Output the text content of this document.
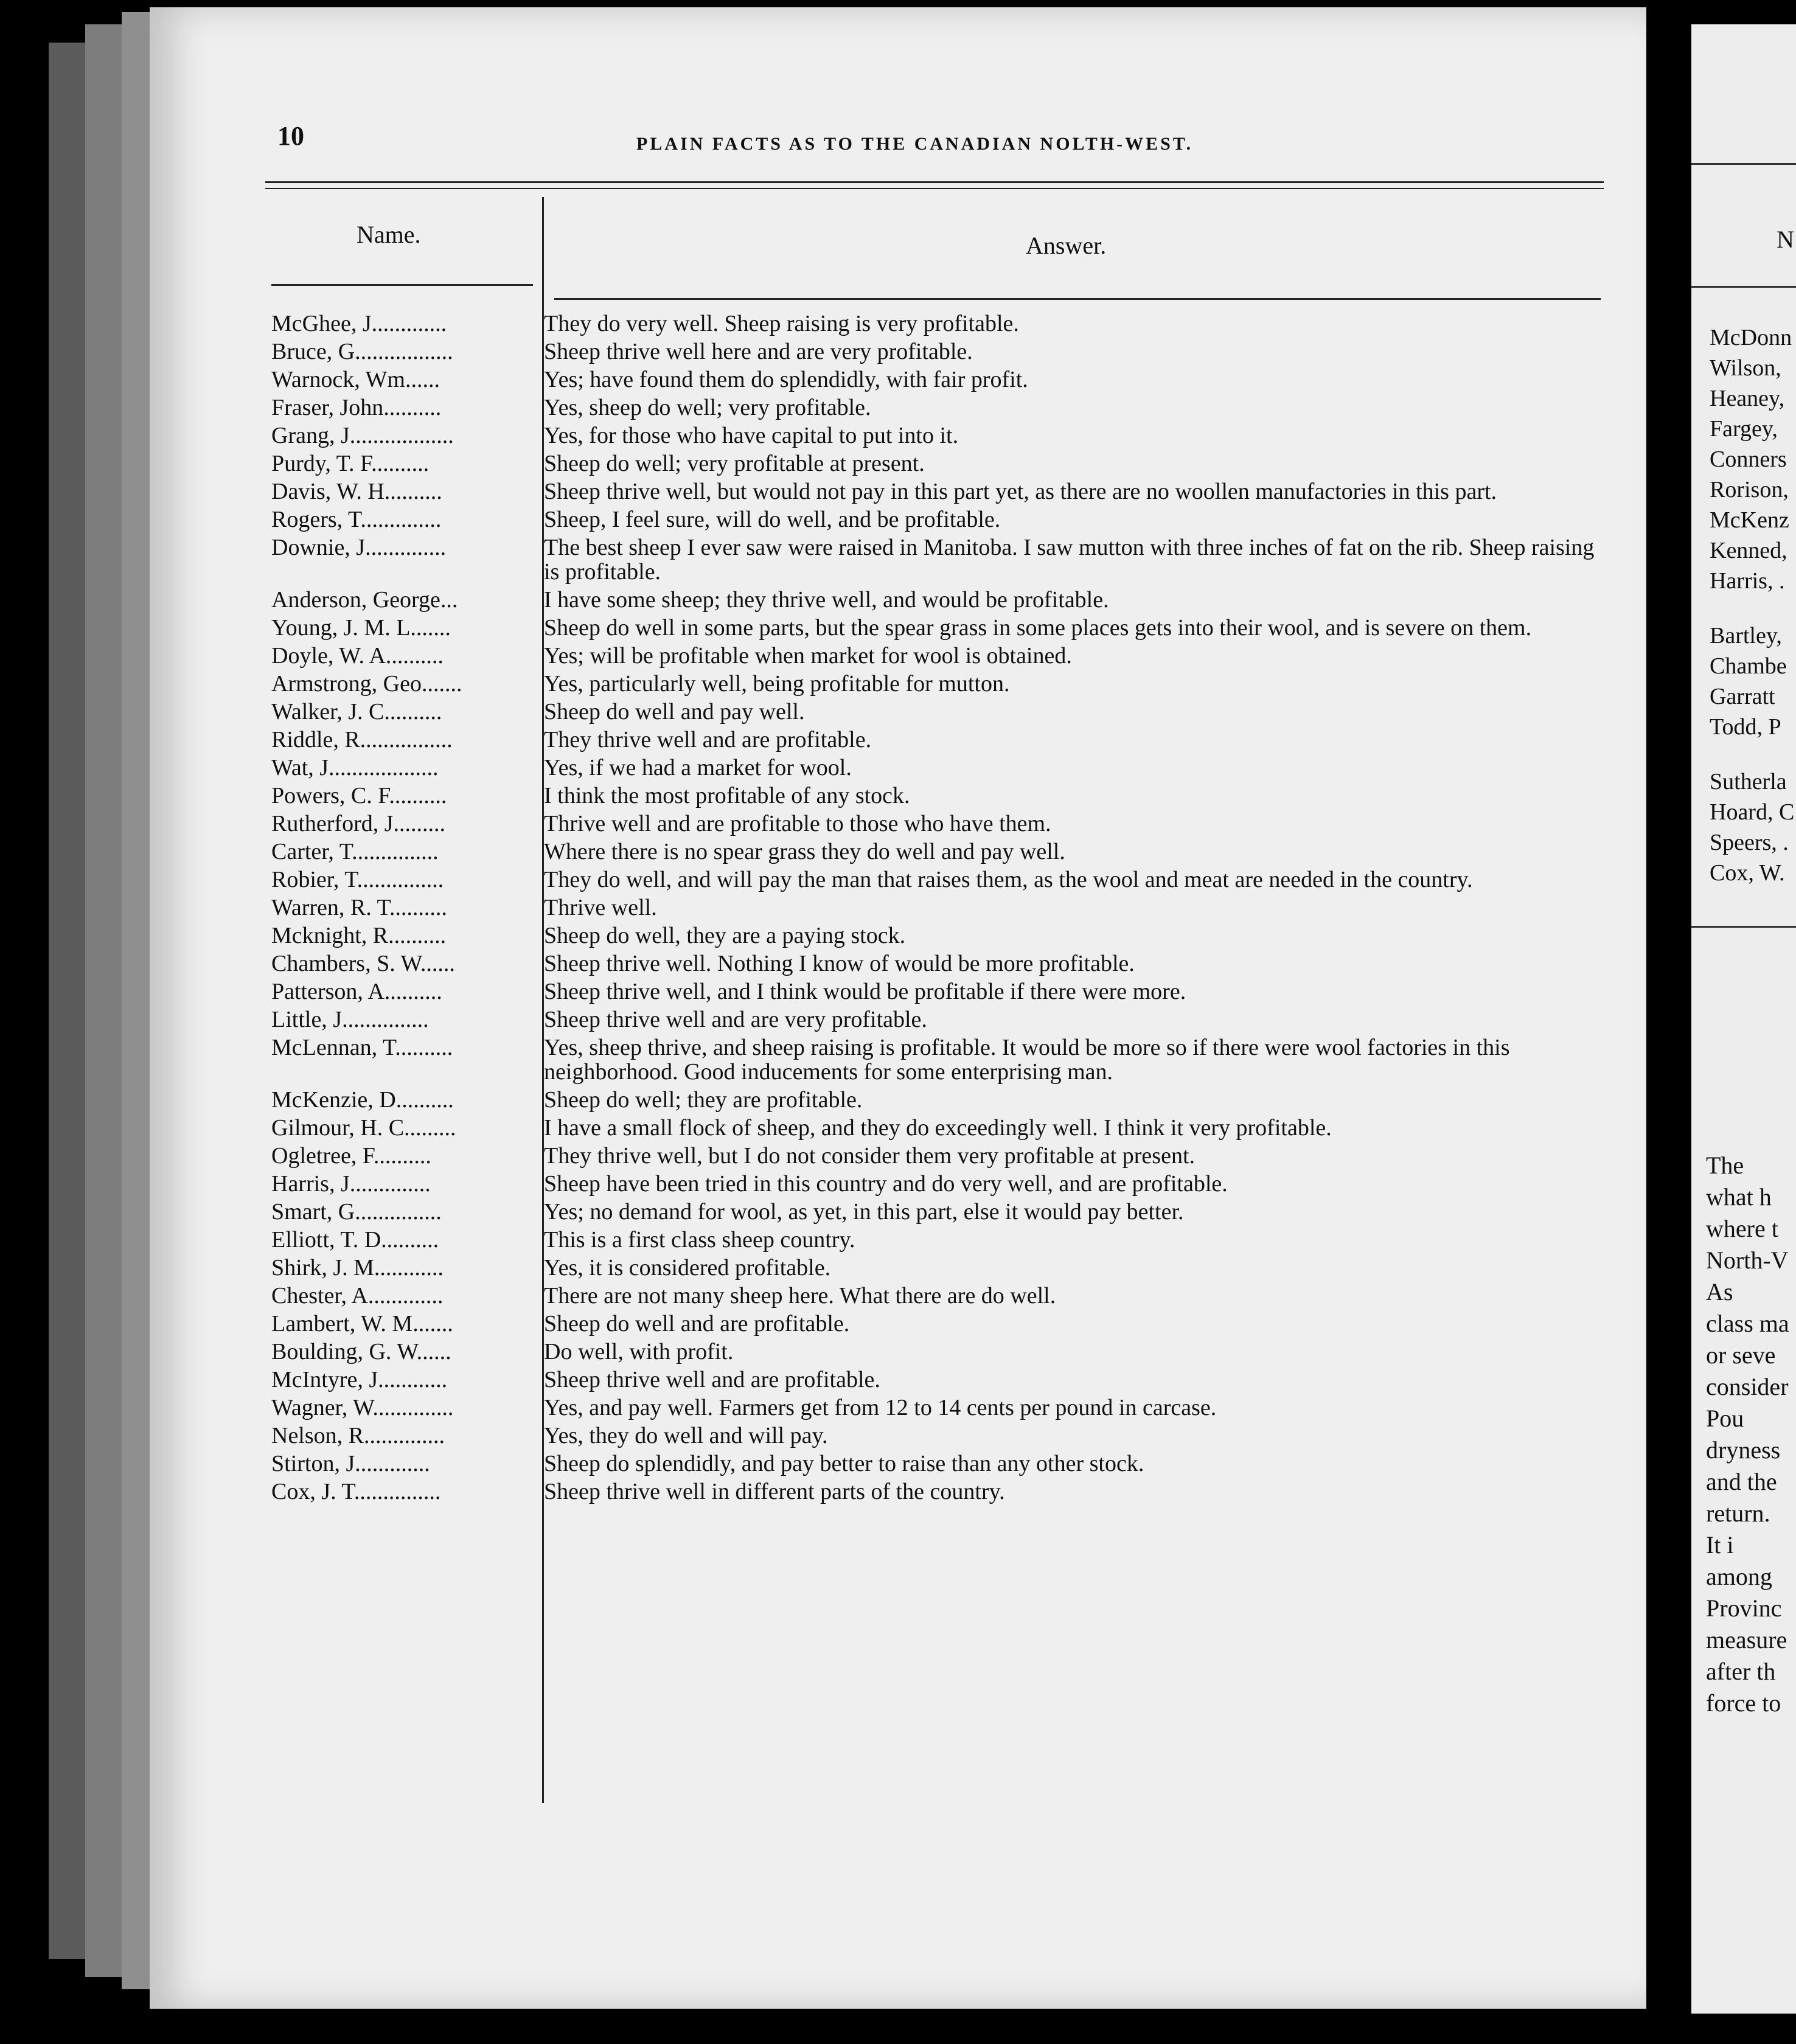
10	PLAIN FACTS AS TO THE CANADIAN NOLTH-WEST.
Name.	Answer.
McGhee, J.............	They do very well. Sheep raising is very profitable.
Bruce, G.................	Sheep thrive well here and are very profitable.
Warnock, Wm......	Yes; have found them do splendidly, with fair profit.
Fraser, John..........	Yes, sheep do well; very profitable.
Grang, J..................	Yes, for those who have capital to put into it.
Purdy, T. F..........	Sheep do well; very profitable at present.
Davis, W. H..........	Sheep thrive well, but would not pay in this part yet, as there are no woollen manufactories in this part.
Rogers, T..............	Sheep, I feel sure, will do well, and be profitable.
Downie, J..............	The best sheep I ever saw were raised in Manitoba. I saw mutton with three inches of fat on the rib. Sheep raising is profitable.
Anderson, George...	I have some sheep; they thrive well, and would be profitable.
Young, J. M. L.......	Sheep do well in some parts, but the spear grass in some places gets into their wool, and is severe on them.
Doyle, W. A..........	Yes; will be profitable when market for wool is obtained.
Armstrong, Geo.......	Yes, particularly well, being profitable for mutton.
Walker, J. C..........	Sheep do well and pay well.
Riddle, R................	They thrive well and are profitable.
Wat, J...................	Yes, if we had a market for wool.
Powers, C. F..........	I think the most profitable of any stock.
Rutherford, J.........	Thrive well and are profitable to those who have them.
Carter, T...............	Where there is no spear grass they do well and pay well.
Robier, T...............	They do well, and will pay the man that raises them, as the wool and meat are needed in the country.
Warren, R. T..........	Thrive well.
Mcknight, R..........	Sheep do well, they are a paying stock.
Chambers, S. W......	Sheep thrive well. Nothing I know of would be more profitable.
Patterson, A..........	Sheep thrive well, and I think would be profitable if there were more.
Little, J...............	Sheep thrive well and are very profitable.
McLennan, T..........	Yes, sheep thrive, and sheep raising is profitable. It would be more so if there were wool factories in this neighborhood. Good inducements for some enterprising man.
McKenzie, D..........	Sheep do well; they are profitable.
Gilmour, H. C.........	I have a small flock of sheep, and they do exceedingly well. I think it very profitable.
Ogletree, F..........	They thrive well, but I do not consider them very profitable at present.
Harris, J..............	Sheep have been tried in this country and do very well, and are profitable.
Smart, G...............	Yes; no demand for wool, as yet, in this part, else it would pay better.
Elliott, T. D..........	This is a first class sheep country.
Shirk, J. M............	Yes, it is considered profitable.
Chester, A.............	There are not many sheep here. What there are do well.
Lambert, W. M.......	Sheep do well and are profitable.
Boulding, G. W......	Do well, with profit.
McIntyre, J............	Sheep thrive well and are profitable.
Wagner, W..............	Yes, and pay well. Farmers get from 12 to 14 cents per pound in carcase.
Nelson, R..............	Yes, they do well and will pay.
Stirton, J.............	Sheep do splendidly, and pay better to raise than any other stock.
Cox, J. T...............	Sheep thrive well in different parts of the country.
N
McDonn
Wilson,
Heaney,
Fargey,
Conners
Rorison,
McKenz
Kenned,
Harris, .
Bartley,
Chambe
Garratt
Todd, P
Sutherla
Hoard, C
Speers, .
Cox, W.
The
what h
where t
North-V
As
class ma
or seve
consider
Pou
dryness
and the
return.
It i
among
Provinc
measure
after th
force to
